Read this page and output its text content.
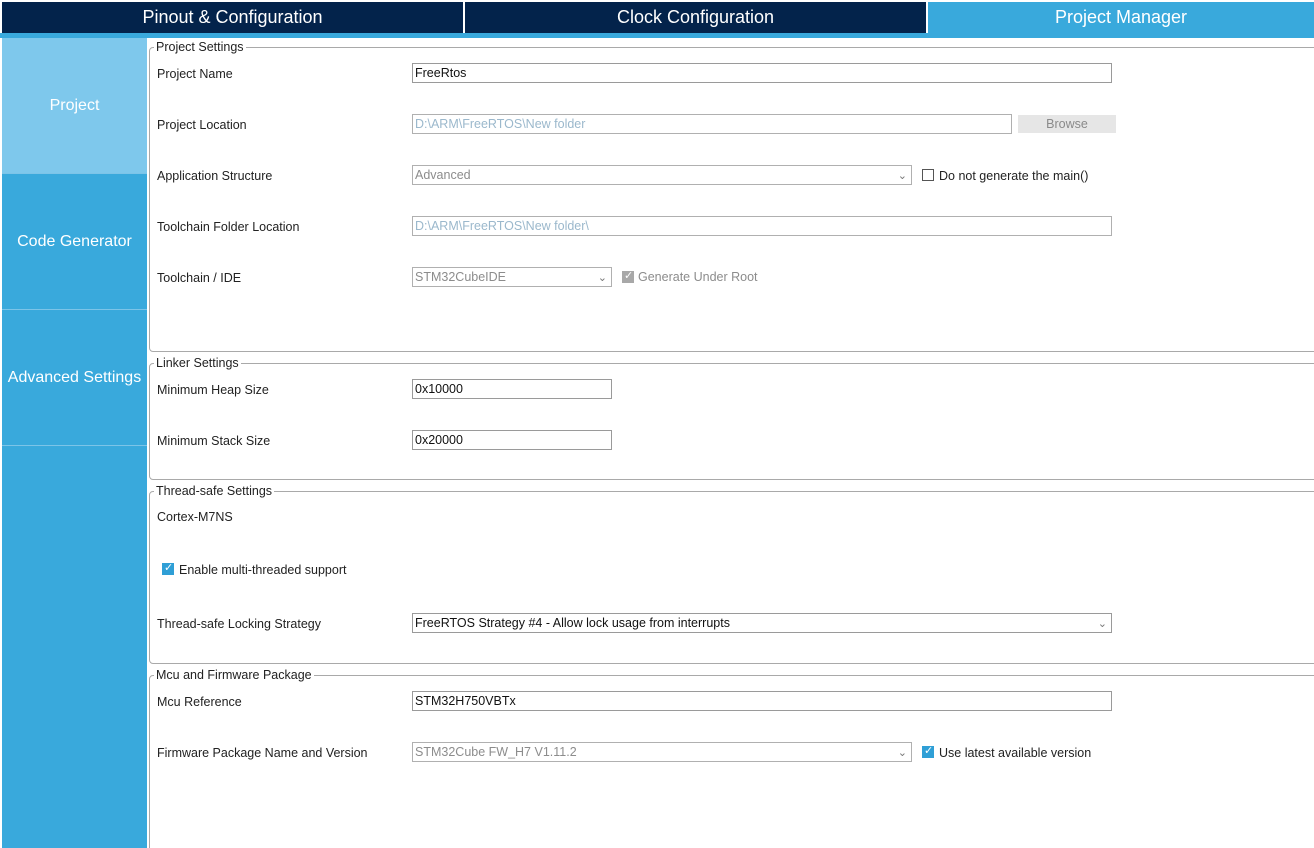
Pinout & Configuration	Clock Configuration	Project Manager
Project
Code Generator
Advanced Settings
Project Settings
Project Name	FreeRtos
Project Location	D:\ARM\FreeRTOS\New folder	Browse
Application Structure	Advanced	⌄	Do not generate the main()
Toolchain Folder Location	D:\ARM\FreeRTOS\New folder\
Toolchain / IDE	STM32CubeIDE	⌄ ✓ Generate Under Root
Linker Settings
Minimum Heap Size	0x10000
Minimum Stack Size	0x20000
Thread-safe Settings
Cortex-M7NS
✓ Enable multi-threaded support
Thread-safe Locking Strategy	FreeRTOS Strategy #4 - Allow lock usage from interrupts	⌄
Mcu and Firmware Package
Mcu Reference	STM32H750VBTx
Firmware Package Name and Version	STM32Cube FW_H7 V1.11.2	⌄ ✓ Use latest available version
